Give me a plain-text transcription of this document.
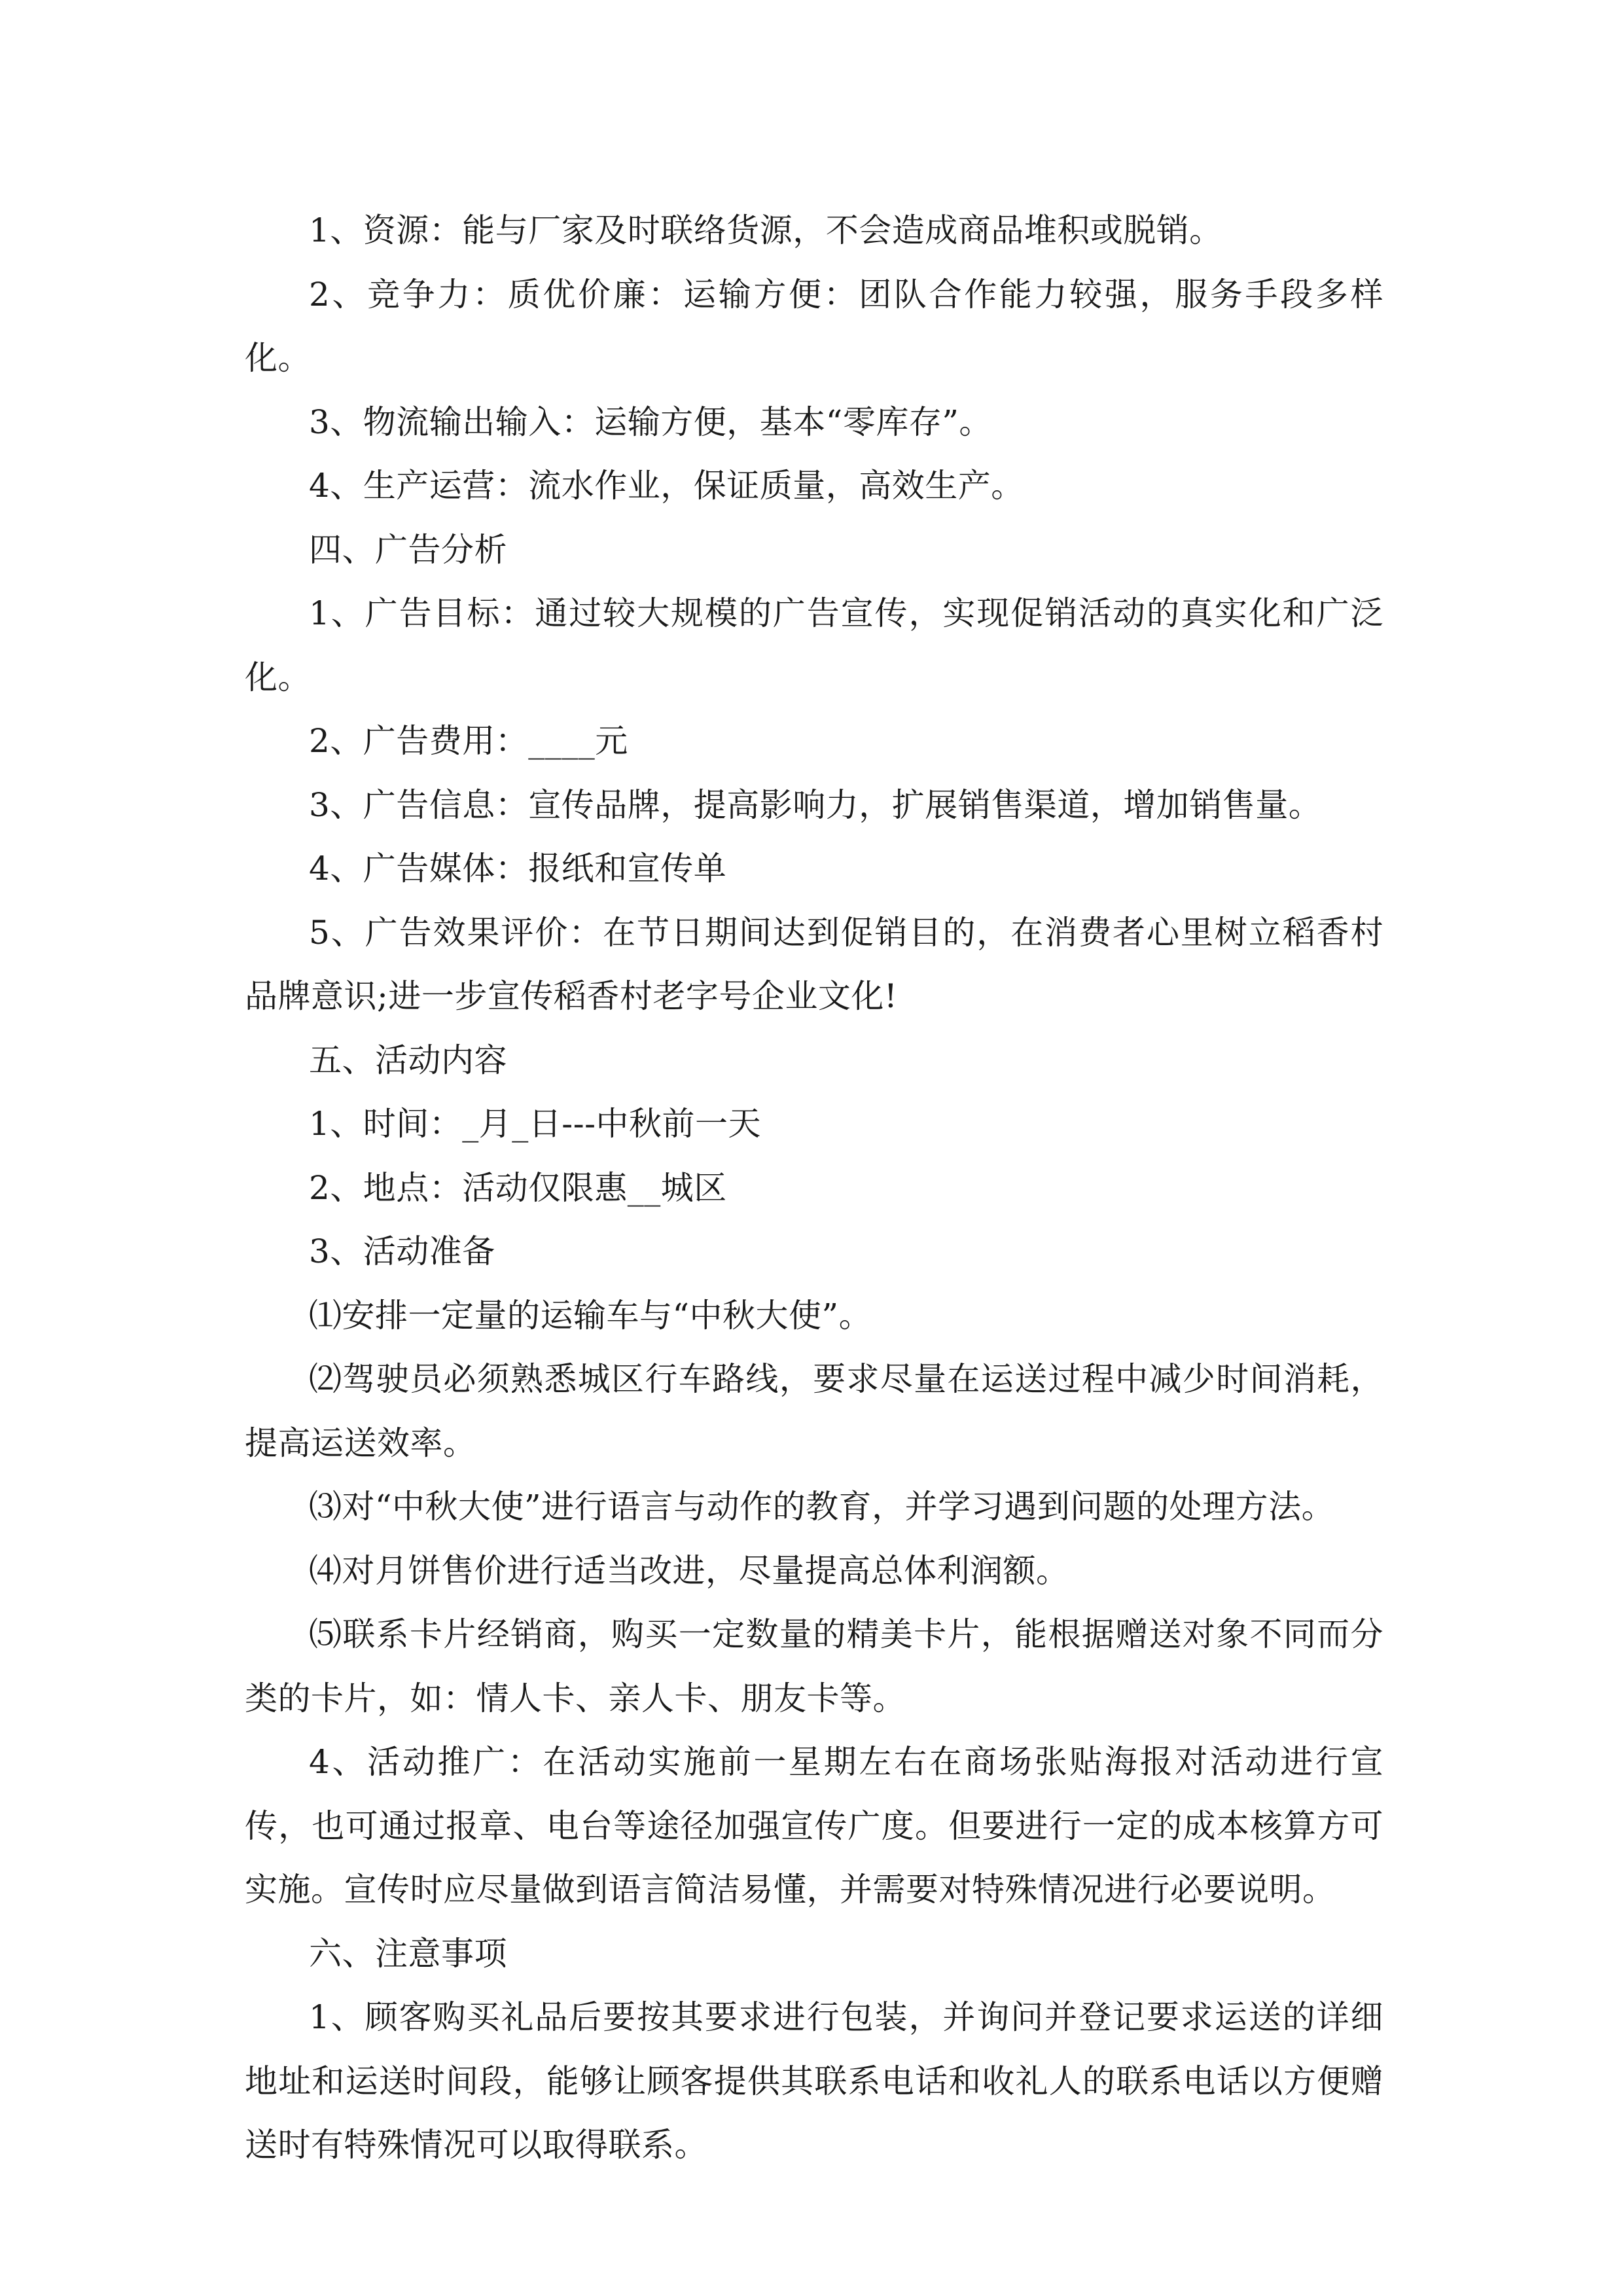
1、资源：能与厂家及时联络货源，不会造成商品堆积或脱销。

2、竞争力：质优价廉：运输方便：团队合作能力较强，服务手段多样化。

3、物流输出输入：运输方便，基本“零库存”。

4、生产运营：流水作业，保证质量，高效生产。

四、广告分析

1、广告目标：通过较大规模的广告宣传，实现促销活动的真实化和广泛化。

2、广告费用：____元

3、广告信息：宣传品牌，提高影响力，扩展销售渠道，增加销售量。

4、广告媒体：报纸和宣传单

5、广告效果评价：在节日期间达到促销目的，在消费者心里树立稻香村品牌意识;进一步宣传稻香村老字号企业文化!

五、活动内容

1、时间：_月_日---中秋前一天

2、地点：活动仅限惠__城区

3、活动准备

⑴安排一定量的运输车与“中秋大使”。

⑵驾驶员必须熟悉城区行车路线，要求尽量在运送过程中减少时间消耗，提高运送效率。

⑶对“中秋大使”进行语言与动作的教育，并学习遇到问题的处理方法。

⑷对月饼售价进行适当改进，尽量提高总体利润额。

⑸联系卡片经销商，购买一定数量的精美卡片，能根据赠送对象不同而分类的卡片，如：情人卡、亲人卡、朋友卡等。

4、活动推广：在活动实施前一星期左右在商场张贴海报对活动进行宣传，也可通过报章、电台等途径加强宣传广度。但要进行一定的成本核算方可实施。宣传时应尽量做到语言简洁易懂，并需要对特殊情况进行必要说明。

六、注意事项

1、顾客购买礼品后要按其要求进行包装，并询问并登记要求运送的详细地址和运送时间段，能够让顾客提供其联系电话和收礼人的联系电话以方便赠送时有特殊情况可以取得联系。
